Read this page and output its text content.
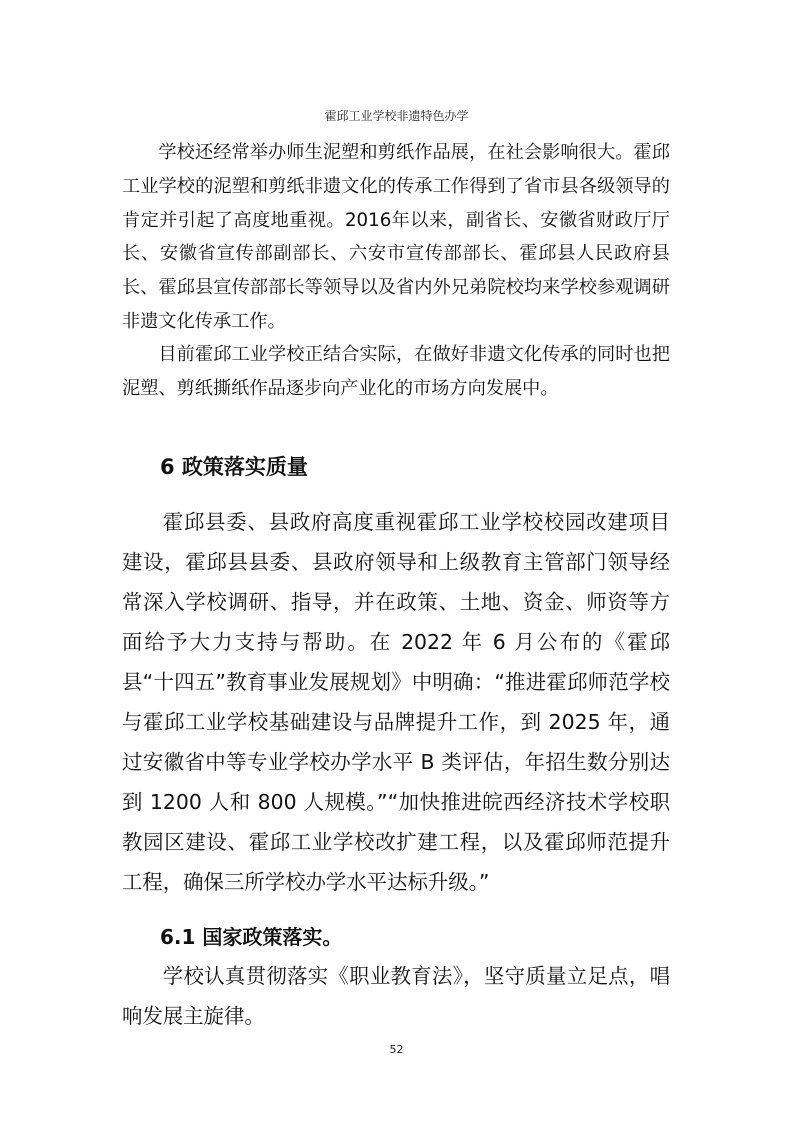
霍邱工业学校非遗特色办学

学校还经常举办师生泥塑和剪纸作品展，在社会影响很大。霍邱工业学校的泥塑和剪纸非遗文化的传承工作得到了省市县各级领导的肯定并引起了高度地重视。2016年以来，副省长、安徽省财政厅厅长、安徽省宣传部副部长、六安市宣传部部长、霍邱县人民政府县长、霍邱县宣传部部长等领导以及省内外兄弟院校均来学校参观调研非遗文化传承工作。

目前霍邱工业学校正结合实际，在做好非遗文化传承的同时也把泥塑、剪纸撕纸作品逐步向产业化的市场方向发展中。

6 政策落实质量

霍邱县委、县政府高度重视霍邱工业学校校园改建项目建设，霍邱县县委、县政府领导和上级教育主管部门领导经常深入学校调研、指导，并在政策、土地、资金、师资等方面给予大力支持与帮助。在 2022 年 6 月公布的《霍邱县“十四五”教育事业发展规划》中明确：“推进霍邱师范学校与霍邱工业学校基础建设与品牌提升工作，到 2025 年，通过安徽省中等专业学校办学水平 B 类评估，年招生数分别达到 1200 人和 800 人规模。”“加快推进皖西经济技术学校职教园区建设、霍邱工业学校改扩建工程，以及霍邱师范提升工程，确保三所学校办学水平达标升级。”

6.1 国家政策落实。

学校认真贯彻落实《职业教育法》，坚守质量立足点，唱响发展主旋律。

52
